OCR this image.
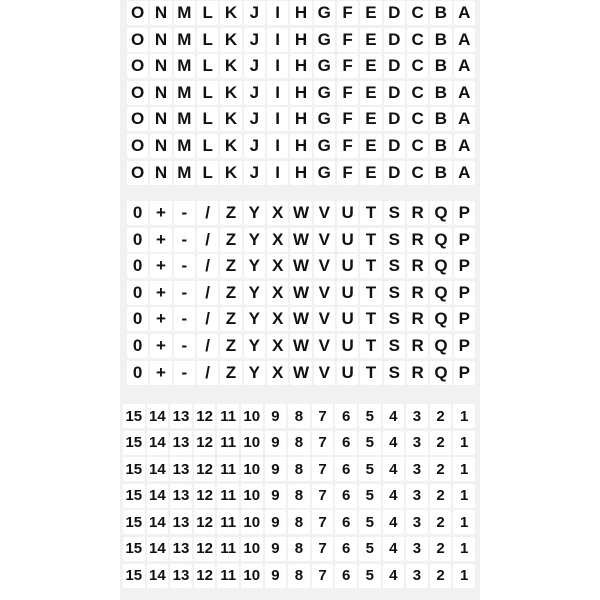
O N M L K J I H G F E D C B A
O N M L K J I H G F E D C B A
O N M L K J I H G F E D C B A
O N M L K J I H G F E D C B A
O N M L K J I H G F E D C B A
O N M L K J I H G F E D C B A
O N M L K J I H G F E D C B A
0 + -	/ Z Y X W V U T S R Q P
0 + -	/ Z Y X W V U T S R Q P
0 + -	/ Z Y X W V U T S R Q P
0 + -	/ Z Y X W V U T S R Q P
0 + -	/ Z Y X W V U T S R Q P
0 + -	/ Z Y X W V U T S R Q P
0 + -	/ Z Y X W V U T S R Q P
15 14 13 12 11 10 9	8	7	6	5	4	3	2	1
15 14 13 12 11 10 9	8	7	6	5	4	3	2	1
15 14 13 12 11 10 9	8	7	6	5	4	3	2	1
15 14 13 12 11 10 9	8	7	6	5	4	3	2	1
15 14 13 12 11 10 9	8	7	6	5	4	3	2	1
15 14 13 12 11 10 9	8	7	6	5	4	3	2	1
15 14 13 12 11 10 9	8	7	6	5	4	3	2	1
